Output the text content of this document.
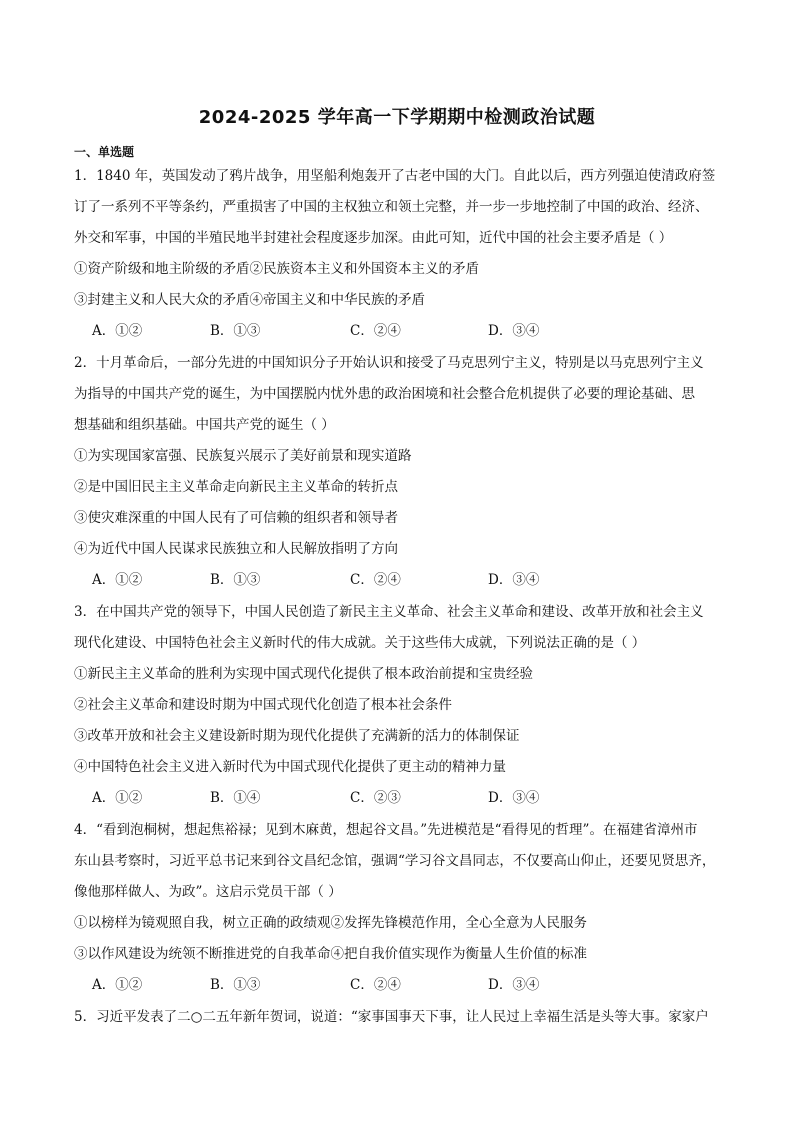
2024-2025 学年高一下学期期中检测政治试题
一、单选题
1．1840 年，英国发动了鸦片战争，用坚船利炮轰开了古老中国的大门。自此以后，西方列强迫使清政府签
订了一系列不平等条约，严重损害了中国的主权独立和领土完整，并一步一步地控制了中国的政治、经济、
外交和军事，中国的半殖民地半封建社会程度逐步加深。由此可知，近代中国的社会主要矛盾是（ ）
①资产阶级和地主阶级的矛盾②民族资本主义和外国资本主义的矛盾
③封建主义和人民大众的矛盾④帝国主义和中华民族的矛盾
A．①②	B．①③	C．②④	D．③④
2．十月革命后，一部分先进的中国知识分子开始认识和接受了马克思列宁主义，特别是以马克思列宁主义
为指导的中国共产党的诞生，为中国摆脱内忧外患的政治困境和社会整合危机提供了必要的理论基础、思
想基础和组织基础。中国共产党的诞生（ ）
①为实现国家富强、民族复兴展示了美好前景和现实道路
②是中国旧民主主义革命走向新民主主义革命的转折点
③使灾难深重的中国人民有了可信赖的组织者和领导者
④为近代中国人民谋求民族独立和人民解放指明了方向
A．①②	B．①③	C．②④	D．③④
3．在中国共产党的领导下，中国人民创造了新民主主义革命、社会主义革命和建设、改革开放和社会主义
现代化建设、中国特色社会主义新时代的伟大成就。关于这些伟大成就，下列说法正确的是（ ）
①新民主主义革命的胜利为实现中国式现代化提供了根本政治前提和宝贵经验
②社会主义革命和建设时期为中国式现代化创造了根本社会条件
③改革开放和社会主义建设新时期为现代化提供了充满新的活力的体制保证
④中国特色社会主义进入新时代为中国式现代化提供了更主动的精神力量
A．①②	B．①④	C．②③	D．③④
4．“看到泡桐树，想起焦裕禄；见到木麻黄，想起谷文昌。”先进模范是“看得见的哲理”。在福建省漳州市
东山县考察时，习近平总书记来到谷文昌纪念馆，强调“学习谷文昌同志，不仅要高山仰止，还要见贤思齐，
像他那样做人、为政”。这启示党员干部（ ）
①以榜样为镜观照自我，树立正确的政绩观②发挥先锋模范作用，全心全意为人民服务
③以作风建设为统领不断推进党的自我革命④把自我价值实现作为衡量人生价值的标准
A．①②	B．①③	C．②④	D．③④
5．习近平发表了二○二五年新年贺词，说道：“家事国事天下事，让人民过上幸福生活是头等大事。家家户
